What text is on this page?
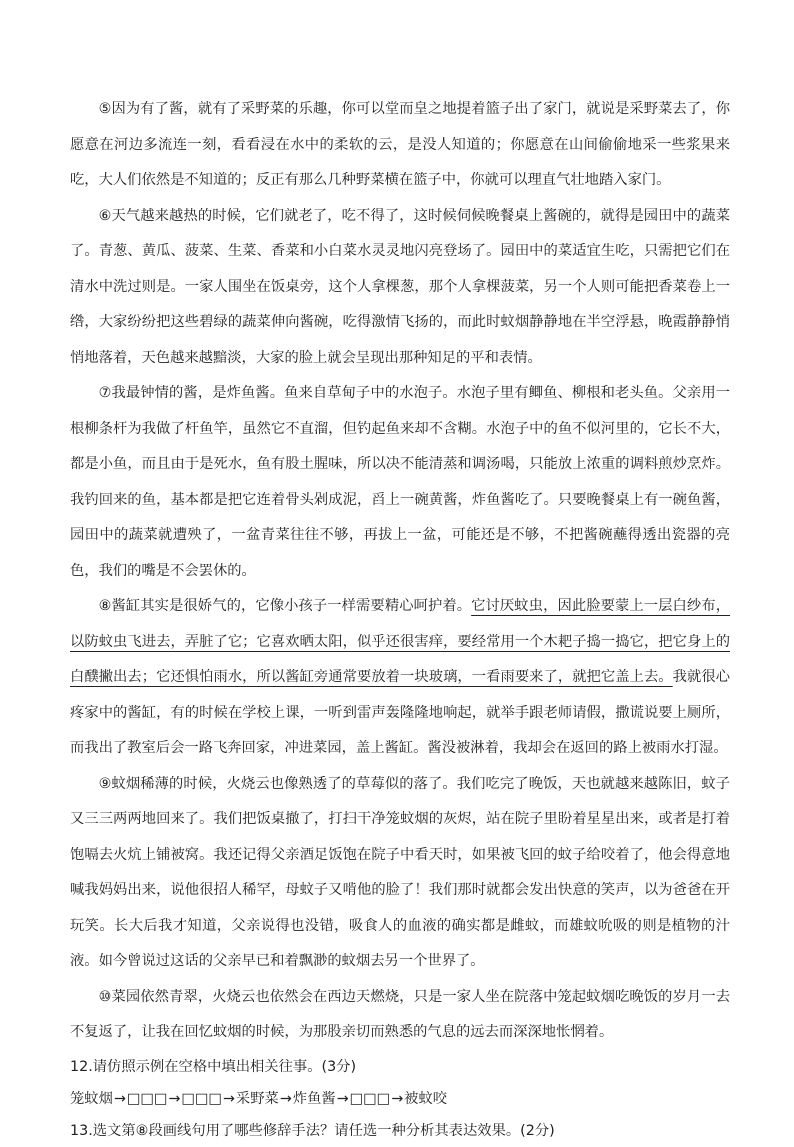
⑤因为有了酱，就有了采野菜的乐趣，你可以堂而皇之地提着篮子出了家门，就说是采野菜去了，你愿意在河边多流连一刻，看看浸在水中的柔软的云，是没人知道的；你愿意在山间偷偷地采一些浆果来吃，大人们依然是不知道的；反正有那么几种野菜横在篮子中，你就可以理直气壮地踏入家门。

⑥天气越来越热的时候，它们就老了，吃不得了，这时候伺候晚餐桌上酱碗的，就得是园田中的蔬菜了。青葱、黄瓜、菠菜、生菜、香菜和小白菜水灵灵地闪亮登场了。园田中的菜适宜生吃，只需把它们在清水中洗过则是。一家人围坐在饭桌旁，这个人拿棵葱，那个人拿棵菠菜，另一个人则可能把香菜卷上一绺，大家纷纷把这些碧绿的蔬菜伸向酱碗，吃得激情飞扬的，而此时蚊烟静静地在半空浮悬，晚霞静静悄悄地落着，天色越来越黯淡，大家的脸上就会呈现出那种知足的平和表情。

⑦我最钟情的酱，是炸鱼酱。鱼来自草甸子中的水泡子。水泡子里有鲫鱼、柳根和老头鱼。父亲用一根柳条杆为我做了杆鱼竿，虽然它不直溜，但钓起鱼来却不含糊。水泡子中的鱼不似河里的，它长不大，都是小鱼，而且由于是死水，鱼有股土腥味，所以决不能清蒸和调汤喝，只能放上浓重的调料煎炒烹炸。我钓回来的鱼，基本都是把它连着骨头剁成泥，舀上一碗黄酱，炸鱼酱吃了。只要晚餐桌上有一碗鱼酱，园田中的蔬菜就遭殃了，一盆青菜往往不够，再拔上一盆，可能还是不够，不把酱碗蘸得透出瓷器的亮色，我们的嘴是不会罢休的。

⑧酱缸其实是很娇气的，它像小孩子一样需要精心呵护着。它讨厌蚊虫，因此脸要蒙上一层白纱布，以防蚊虫飞进去，弄脏了它；它喜欢晒太阳，似乎还很害痒，要经常用一个木耙子捣一捣它，把它身上的白醭撇出去；它还惧怕雨水，所以酱缸旁通常要放着一块玻璃，一看雨要来了，就把它盖上去。我就很心疼家中的酱缸，有的时候在学校上课，一听到雷声轰隆隆地响起，就举手跟老师请假，撒谎说要上厕所，而我出了教室后会一路飞奔回家，冲进菜园，盖上酱缸。酱没被淋着，我却会在返回的路上被雨水打湿。

⑨蚊烟稀薄的时候，火烧云也像熟透了的草莓似的落了。我们吃完了晚饭，天也就越来越陈旧，蚊子又三三两两地回来了。我们把饭桌撤了，打扫干净笼蚊烟的灰烬，站在院子里盼着星星出来，或者是打着饱嗝去火炕上铺被窝。我还记得父亲酒足饭饱在院子中看天时，如果被飞回的蚊子给咬着了，他会得意地喊我妈妈出来，说他很招人稀罕，母蚊子又啃他的脸了！我们那时就都会发出快意的笑声，以为爸爸在开玩笑。长大后我才知道，父亲说得也没错，吸食人的血液的确实都是雌蚊，而雄蚊吮吸的则是植物的汁液。如今曾说过这话的父亲早已和着飘渺的蚊烟去另一个世界了。

⑩菜园依然青翠，火烧云也依然会在西边天燃烧，只是一家人坐在院落中笼起蚊烟吃晚饭的岁月一去不复返了，让我在回忆蚊烟的时候，为那股亲切而熟悉的气息的远去而深深地怅惘着。

12.请仿照示例在空格中填出相关往事。(3分)

笼蚊烟→□□□→□□□→采野菜→炸鱼酱→□□□→被蚊咬

13.选文第⑧段画线句用了哪些修辞手法？请任选一种分析其表达效果。(2分)
